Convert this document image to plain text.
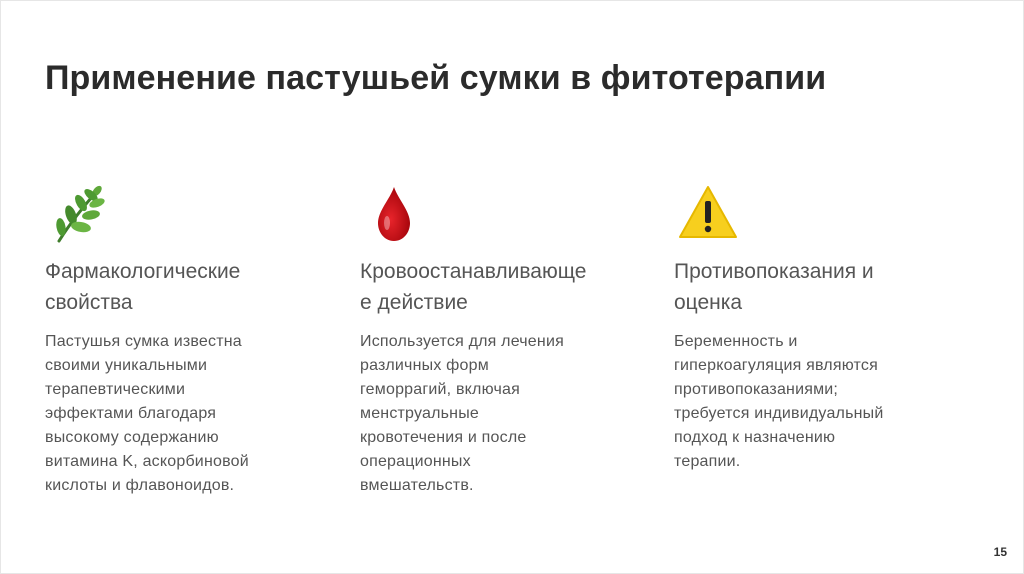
Применение пастушьей сумки в фитотерапии
Фармакологические
свойства
Пастушья сумка известна
своими уникальными
терапевтическими
эффектами благодаря
высокому содержанию
витамина K, аскорбиновой
кислоты и флавоноидов.
Кровоостанавливающе
е действие
Используется для лечения
различных форм
геморрагий, включая
менструальные
кровотечения и после
операционных
вмешательств.
Противопоказания и
оценка
Беременность и
гиперкоагуляция являются
противопоказаниями;
требуется индивидуальный
подход к назначению
терапии.
15
